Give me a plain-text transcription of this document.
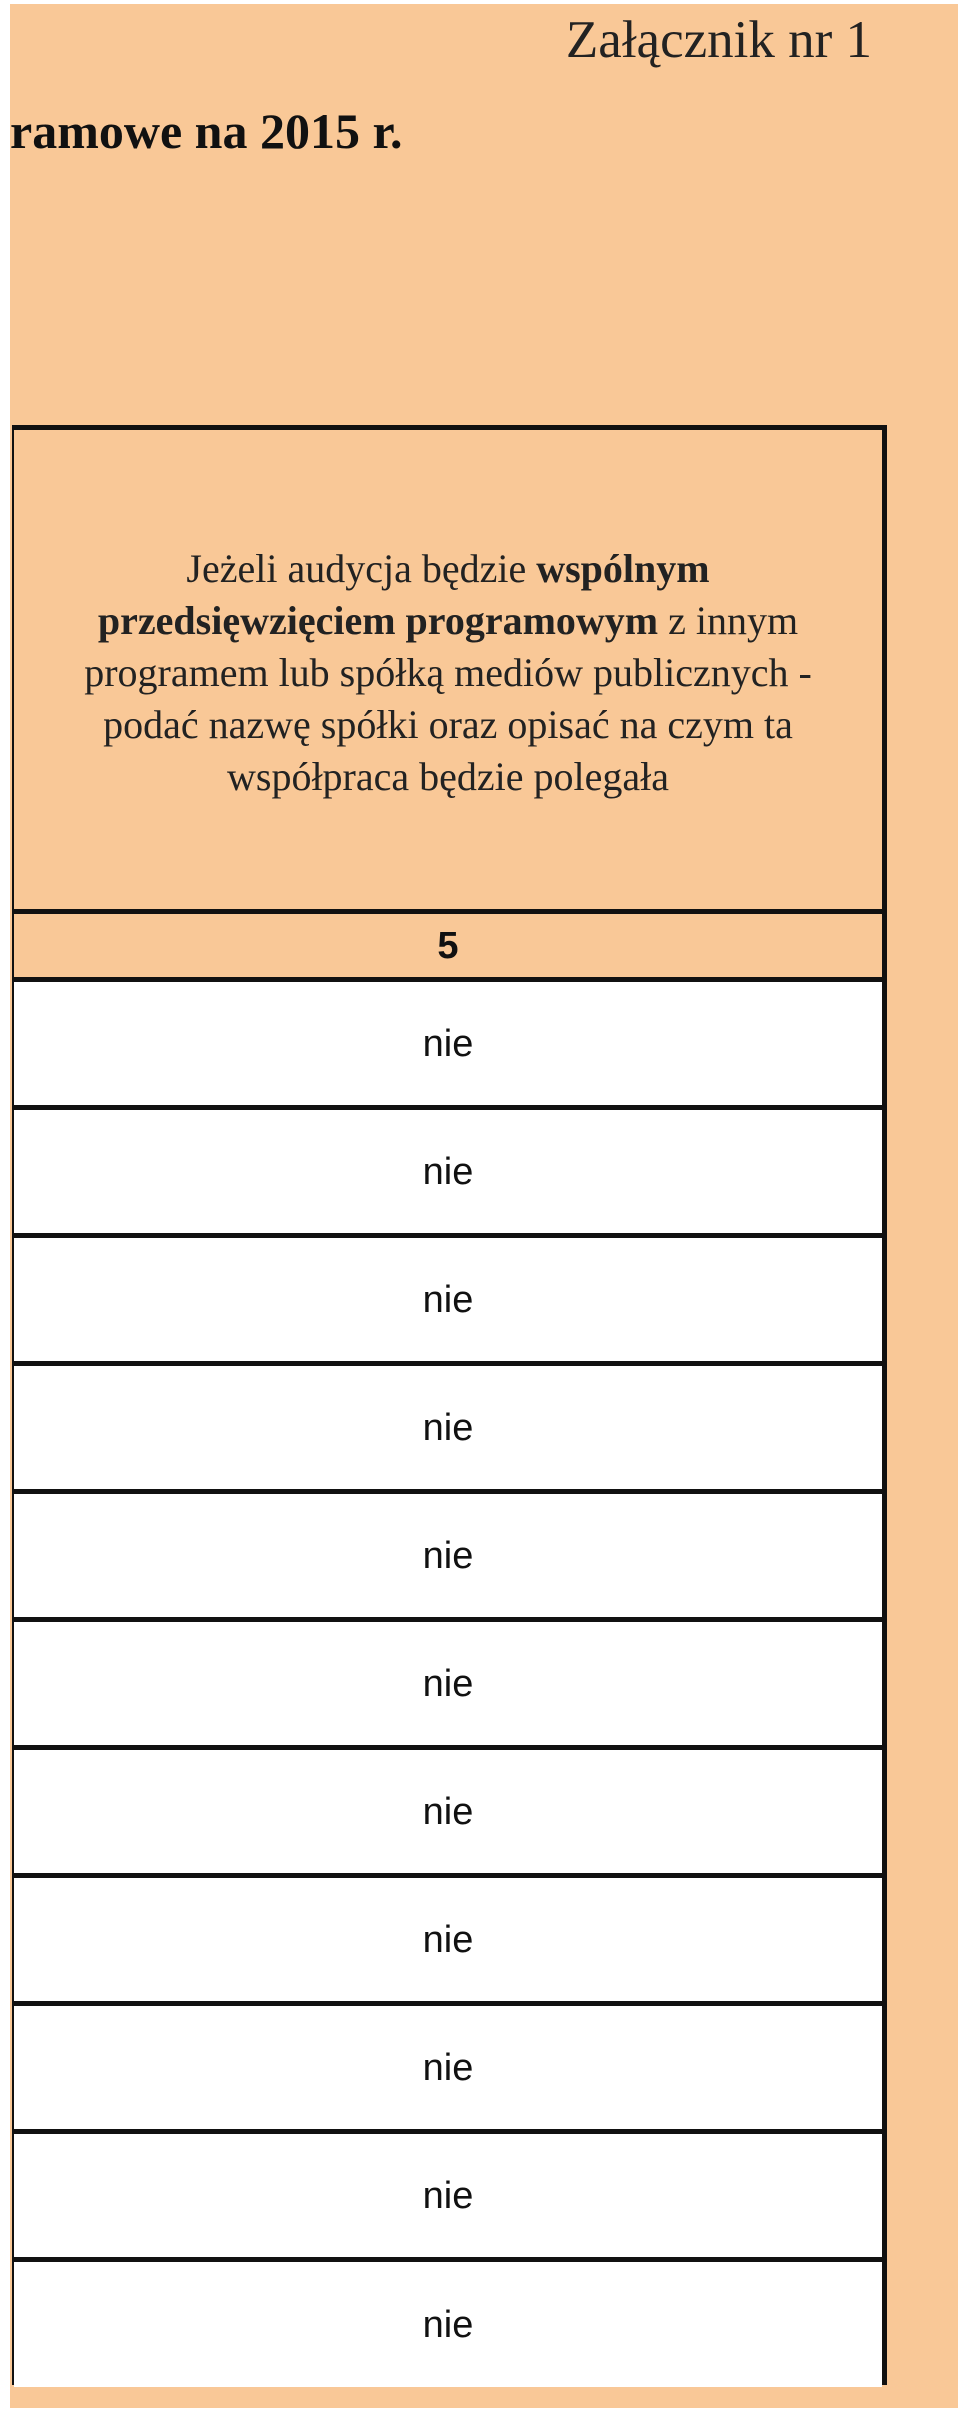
Załącznik nr 1
ramowe na 2015 r.
Jeżeli audycja będzie wspólnym przedsięwzięciem programowym z innym programem lub spółką mediów publicznych - podać nazwę spółki oraz opisać na czym ta współpraca będzie polegała
5
nie
nie
nie
nie
nie
nie
nie
nie
nie
nie
nie
